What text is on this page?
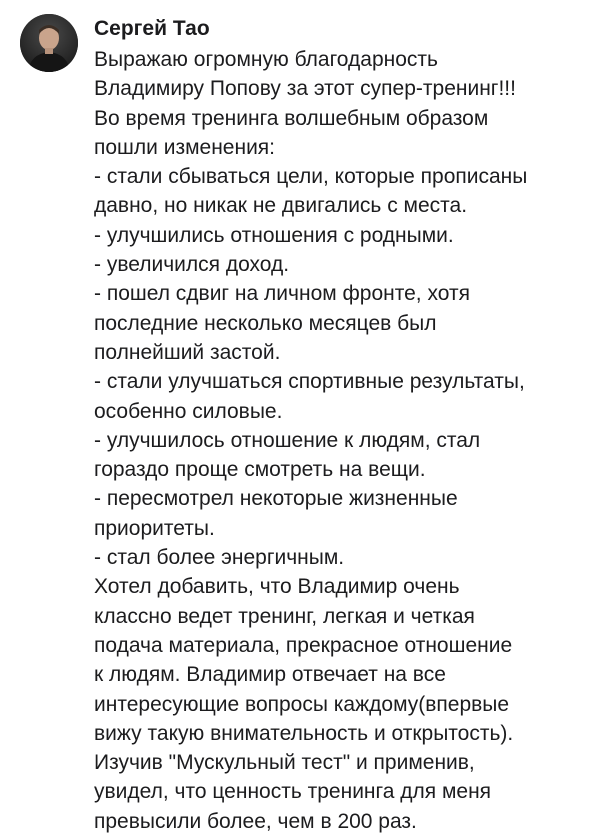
Сергей Тао
Выражаю огромную благодарность
Владимиру Попову за этот супер-тренинг!!!
Во время тренинга волшебным образом
пошли изменения:
- стали сбываться цели, которые прописаны
давно, но никак не двигались с места.
- улучшились отношения с родными.
- увеличился доход.
- пошел сдвиг на личном фронте, хотя
последние несколько месяцев был
полнейший застой.
- стали улучшаться спортивные результаты,
особенно силовые.
- улучшилось отношение к людям, стал
гораздо проще смотреть на вещи.
- пересмотрел некоторые жизненные
приоритеты.
- стал более энергичным.
Хотел добавить, что Владимир очень
классно ведет тренинг, легкая и четкая
подача материала, прекрасное отношение
к людям. Владимир отвечает на все
интересующие вопросы каждому(впервые
вижу такую внимательность и открытость).
Изучив "Мускульный тест" и применив,
увидел, что ценность тренинга для меня
превысили более, чем в 200 раз.
